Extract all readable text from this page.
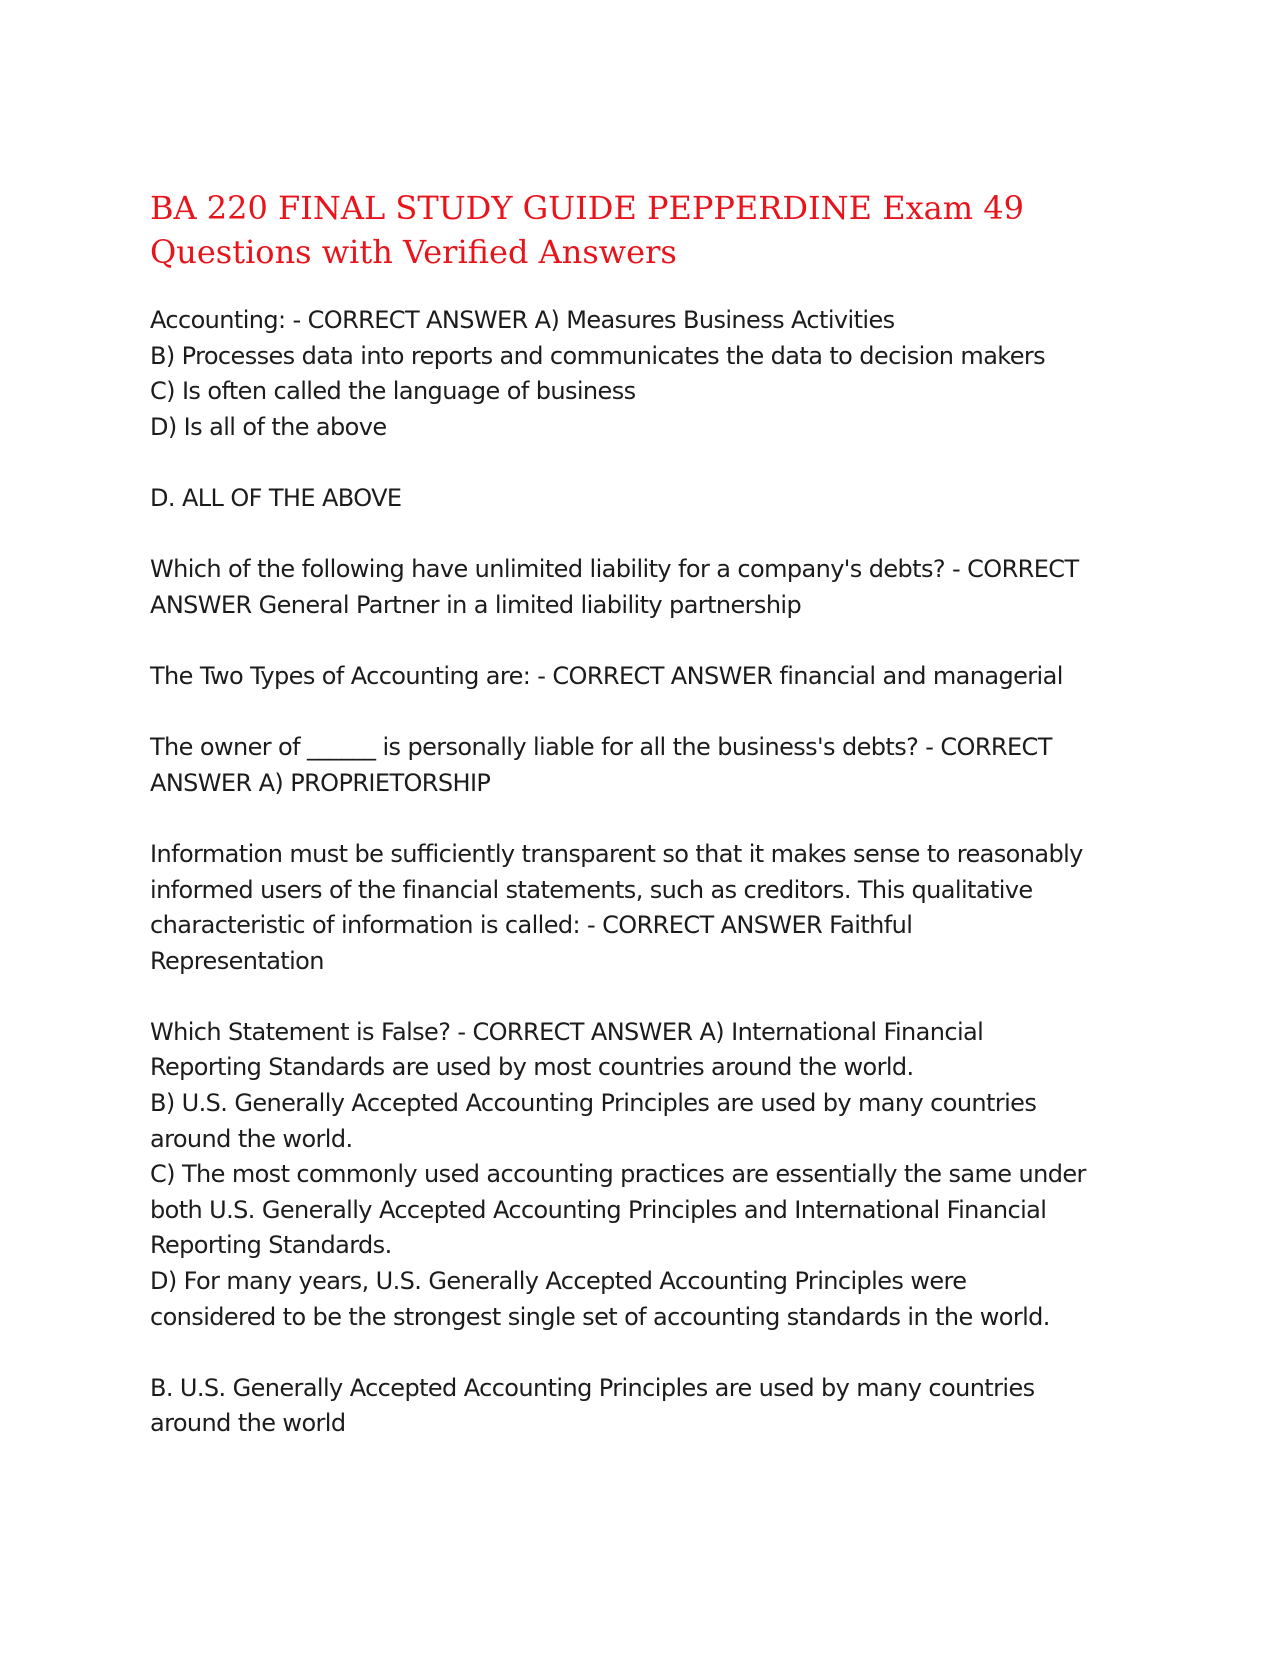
BA 220 FINAL STUDY GUIDE PEPPERDINE Exam 49
Questions with Verified Answers
Accounting: - CORRECT ANSWER A) Measures Business Activities
B) Processes data into reports and communicates the data to decision makers
C) Is often called the language of business
D) Is all of the above
D. ALL OF THE ABOVE
Which of the following have unlimited liability for a company's debts? - CORRECT
ANSWER General Partner in a limited liability partnership
The Two Types of Accounting are: - CORRECT ANSWER financial and managerial
The owner of ______ is personally liable for all the business's debts? - CORRECT
ANSWER A) PROPRIETORSHIP
Information must be sufficiently transparent so that it makes sense to reasonably
informed users of the financial statements, such as creditors. This qualitative
characteristic of information is called: - CORRECT ANSWER Faithful
Representation
Which Statement is False? - CORRECT ANSWER A) International Financial
Reporting Standards are used by most countries around the world.
B) U.S. Generally Accepted Accounting Principles are used by many countries
around the world.
C) The most commonly used accounting practices are essentially the same under
both U.S. Generally Accepted Accounting Principles and International Financial
Reporting Standards.
D) For many years, U.S. Generally Accepted Accounting Principles were
considered to be the strongest single set of accounting standards in the world.
B. U.S. Generally Accepted Accounting Principles are used by many countries
around the world
